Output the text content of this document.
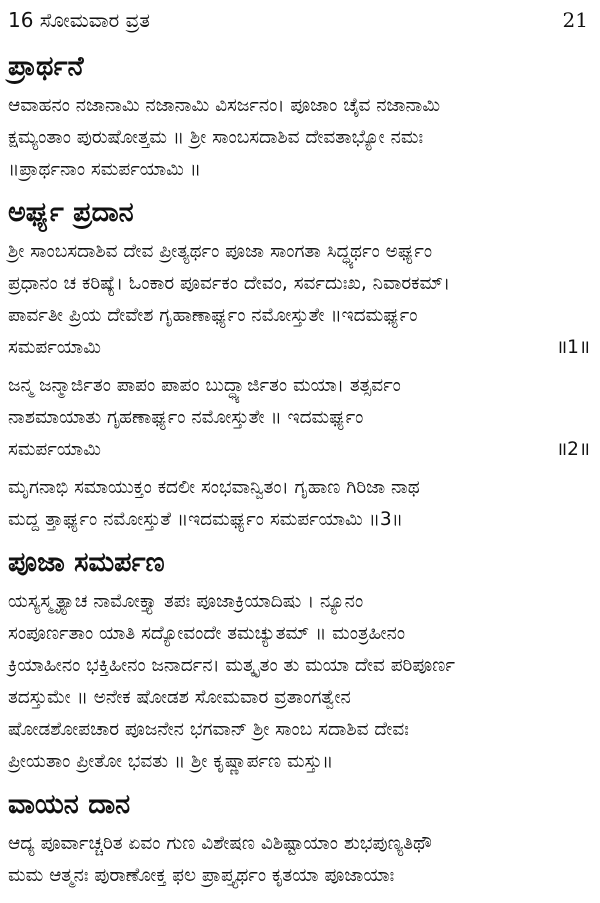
16 ಸೋಮವಾರ ವ್ರತ	21
ಪ್ರಾರ್ಥನೆ
ಆವಾಹನಂ ನಜಾನಾಮಿ ನಜಾನಾಮಿ ವಿಸರ್ಜನಂ। ಪೂಜಾಂ ಚೈವ ನಜಾನಾಮಿ
ಕ್ಷಮ್ಯಂತಾಂ ಪುರುಷೋತ್ತಮ ॥ ಶ್ರೀ ಸಾಂಬಸದಾಶಿವ ದೇವತಾಭ್ಯೋ ನಮಃ
॥ಪ್ರಾರ್ಥನಾಂ ಸಮರ್ಪಯಾಮಿ ॥
ಅರ್ಘ್ಯ ಪ್ರದಾನ
ಶ್ರೀ ಸಾಂಬಸದಾಶಿವ ದೇವ ಪ್ರೀತ್ಯರ್ಥಂ ಪೂಜಾ ಸಾಂಗತಾ ಸಿದ್ಧ್ಯರ್ಥಂ ಅರ್ಘ್ಯಂ
ಪ್ರಧಾನಂ ಚ ಕರಿಷ್ಯೆ। ಓಂಕಾರ ಪೂರ್ವಕಂ ದೇವಂ, ಸರ್ವದುಃಖ, ನಿವಾರಕಮ್।
ಪಾರ್ವತೀ ಪ್ರಿಯ ದೇವೇಶ ಗೃಹಾಣಾರ್ಘ್ಯಂ ನಮೋಸ್ತುತೇ ॥ಇದಮರ್ಘ್ಯಂ
ಸಮರ್ಪಯಾಮಿ	॥1॥
ಜನ್ಮ ಜನ್ಮಾರ್ಜಿತಂ ಪಾಪಂ ಪಾಪಂ ಬುದ್ಧ್ಯಾರ್ಜಿತಂ ಮಯಾ। ತತ್ಸರ್ವಂ
ನಾಶಮಾಯಾತು ಗೃಹಣಾರ್ಘ್ಯಂ ನಮೋಸ್ತುತೇ ॥ ಇದಮರ್ಘ್ಯಂ
ಸಮರ್ಪಯಾಮಿ	॥2॥
ಮೃಗನಾಭಿ ಸಮಾಯುಕ್ತಂ ಕದಲೀ ಸಂಭವಾನ್ವಿತಂ। ಗೃಹಾಣ ಗಿರಿಜಾ ನಾಥ
ಮದ್ದ ತ್ತಾರ್ಘ್ಯಂ ನಮೋಸ್ತುತೆ ॥ಇದಮರ್ಘ್ಯಂ ಸಮರ್ಪಯಾಮಿ ॥3॥
ಪೂಜಾ ಸಮರ್ಪಣ
ಯಸ್ಯಸ್ಮೃತ್ಯಾಚ ನಾಮೋಕ್ತ್ಯಾ ತಪಃ ಪೂಜಾಕ್ರಿಯಾದಿಷು । ನ್ಯೂನಂ
ಸಂಪೂರ್ಣತಾಂ ಯಾತಿ ಸದ್ಯೋವಂದೇ ತಮಚ್ಯುತಮ್ ॥ ಮಂತ್ರಹೀನಂ
ಕ್ರಿಯಾಹೀನಂ ಭಕ್ತಿಹೀನಂ ಜನಾರ್ದನ। ಮತ್ಕೃತಂ ತು ಮಯಾ ದೇವ ಪರಿಪೂರ್ಣ
ತದಸ್ತುಮೇ ॥ ಅನೇಕ ಷೋಡಶ ಸೋಮವಾರ ವ್ರತಾಂಗತ್ವೇನ
ಷೋಡಶೋಪಚಾರ ಪೂಜನೇನ ಭಗವಾನ್ ಶ್ರೀ ಸಾಂಬ ಸದಾಶಿವ ದೇವಃ
ಪ್ರೀಯತಾಂ ಪ್ರೀತೋ ಭವತು ॥ ಶ್ರೀ ಕೃಷ್ಣಾರ್ಪಣ ಮಸ್ತು॥
ವಾಯನ ದಾನ
ಆದ್ಯ ಪೂರ್ವಾಚ್ಚರಿತ ಏವಂ ಗುಣ ವಿಶೇಷಣ ವಿಶಿಷ್ಟಾಯಾಂ ಶುಭಪುಣ್ಯತಿಥೌ
ಮಮ ಆತ್ಮನಃ ಪುರಾಣೋಕ್ತ ಫಲ ಪ್ರಾಪ್ತ್ಯರ್ಥಂ ಕೃತಯಾ ಪೂಜಾಯಾಃ
